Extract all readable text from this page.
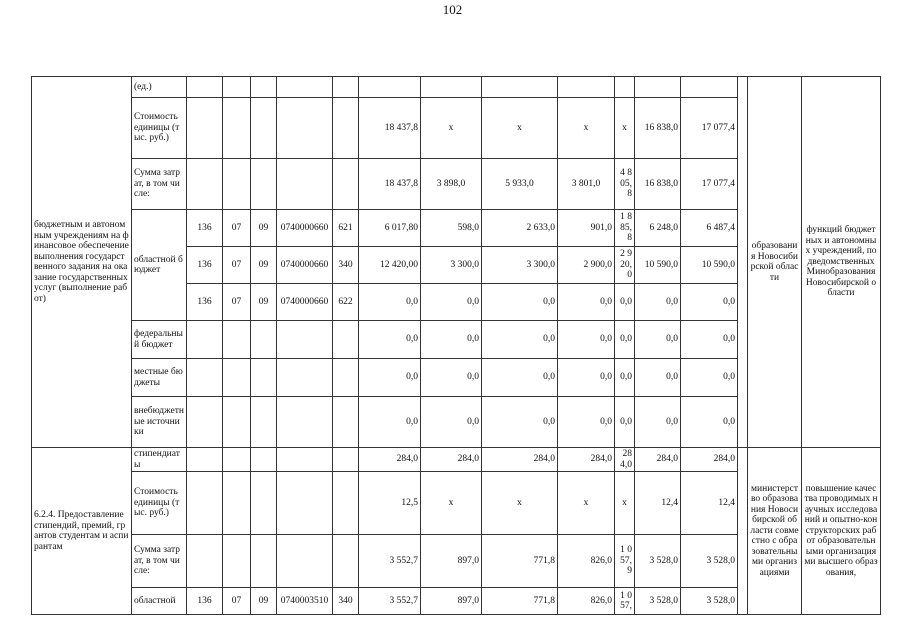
102
бюджетным и автономным учреждениям на финансовое обеспечение выполнения государственного задания на оказание государственных услуг (выполнение работ)	(ед.)														образования Новосибирской области	функций бюджетных и автономных учреждений, подведомственных Минобразования Новосибирской области
	Стоимость единицы (тыс. руб.)						18 437,8	x	x	x	x	16 838,0	17 077,4			
	Сумма затрат, в том числе:						18 437,8	3 898,0	5 933,0	3 801,0	4 805,8	16 838,0	17 077,4			
	областной бюджет	136	07	09	0740000660	621	6 017,80	598,0	2 633,0	901,0	1 885,8	6 248,0	6 487,4			
		136	07	09	0740000660	340	12 420,00	3 300,0	3 300,0	2 900,0	2 920,0	10 590,0	10 590,0			
		136	07	09	0740000660	622	0,0	0,0	0,0	0,0	0,0	0,0	0,0			
	федеральный бюджет						0,0	0,0	0,0	0,0	0,0	0,0	0,0			
	местные бюджеты						0,0	0,0	0,0	0,0	0,0	0,0	0,0			
	внебюджетные источники						0,0	0,0	0,0	0,0	0,0	0,0	0,0			
6.2.4. Предоставление стипендий, премий, грантов студентам и аспирантам	стипендиаты						284,0	284,0	284,0	284,0	284,0	284,0	284,0		министерство образования Новосибирской области совместно с образовательными организациями	повышение качества проводимых научных исследований и опытно-конструкторских работ образовательными организациями высшего образования,
	Стоимость единицы (тыс. руб.)						12,5	x	x	x	x	12,4	12,4			
	Сумма затрат, в том числе:						3 552,7	897,0	771,8	826,0	1 057,9	3 528,0	3 528,0			
	областной	136	07	09	0740003510	340	3 552,7	897,0	771,8	826,0	1 057,	3 528,0	3 528,0			
